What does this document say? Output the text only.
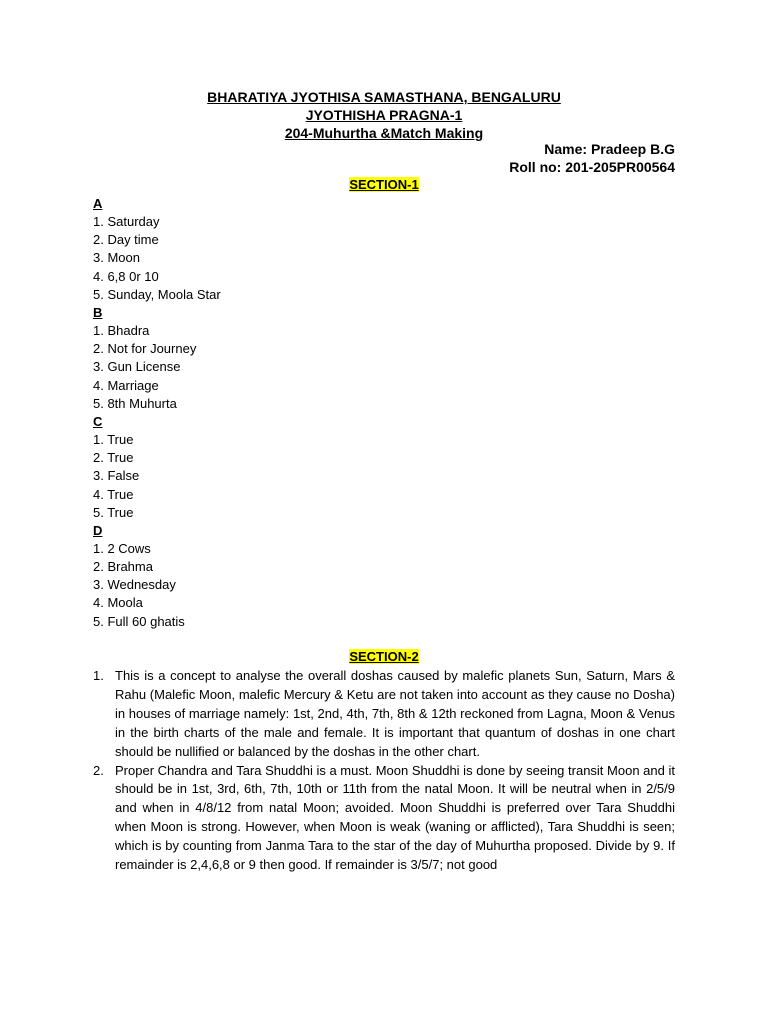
BHARATIYA JYOTHISA SAMASTHANA, BENGALURU
JYOTHISHA PRAGNA-1
204-Muhurtha &Match Making
Name: Pradeep B.G
Roll no: 201-205PR00564
SECTION-1
A
1. Saturday
2. Day time
3. Moon
4. 6,8 0r 10
5. Sunday, Moola Star
B
1. Bhadra
2. Not for Journey
3. Gun License
4. Marriage
5. 8th Muhurta
C
1. True
2. True
3. False
4. True
5. True
D
1. 2 Cows
2. Brahma
3. Wednesday
4. Moola
5. Full 60 ghatis
SECTION-2
1. This is a concept to analyse the overall doshas caused by malefic planets Sun, Saturn, Mars & Rahu (Malefic Moon, malefic Mercury & Ketu are not taken into account as they cause no Dosha) in houses of marriage namely: 1st, 2nd, 4th, 7th, 8th & 12th reckoned from Lagna, Moon & Venus in the birth charts of the male and female. It is important that quantum of doshas in one chart should be nullified or balanced by the doshas in the other chart.
2. Proper Chandra and Tara Shuddhi is a must. Moon Shuddhi is done by seeing transit Moon and it should be in 1st, 3rd, 6th, 7th, 10th or 11th from the natal Moon. It will be neutral when in 2/5/9 and when in 4/8/12 from natal Moon; avoided. Moon Shuddhi is preferred over Tara Shuddhi when Moon is strong. However, when Moon is weak (waning or afflicted), Tara Shuddhi is seen; which is by counting from Janma Tara to the star of the day of Muhurtha proposed. Divide by 9. If remainder is 2,4,6,8 or 9 then good. If remainder is 3/5/7; not good
